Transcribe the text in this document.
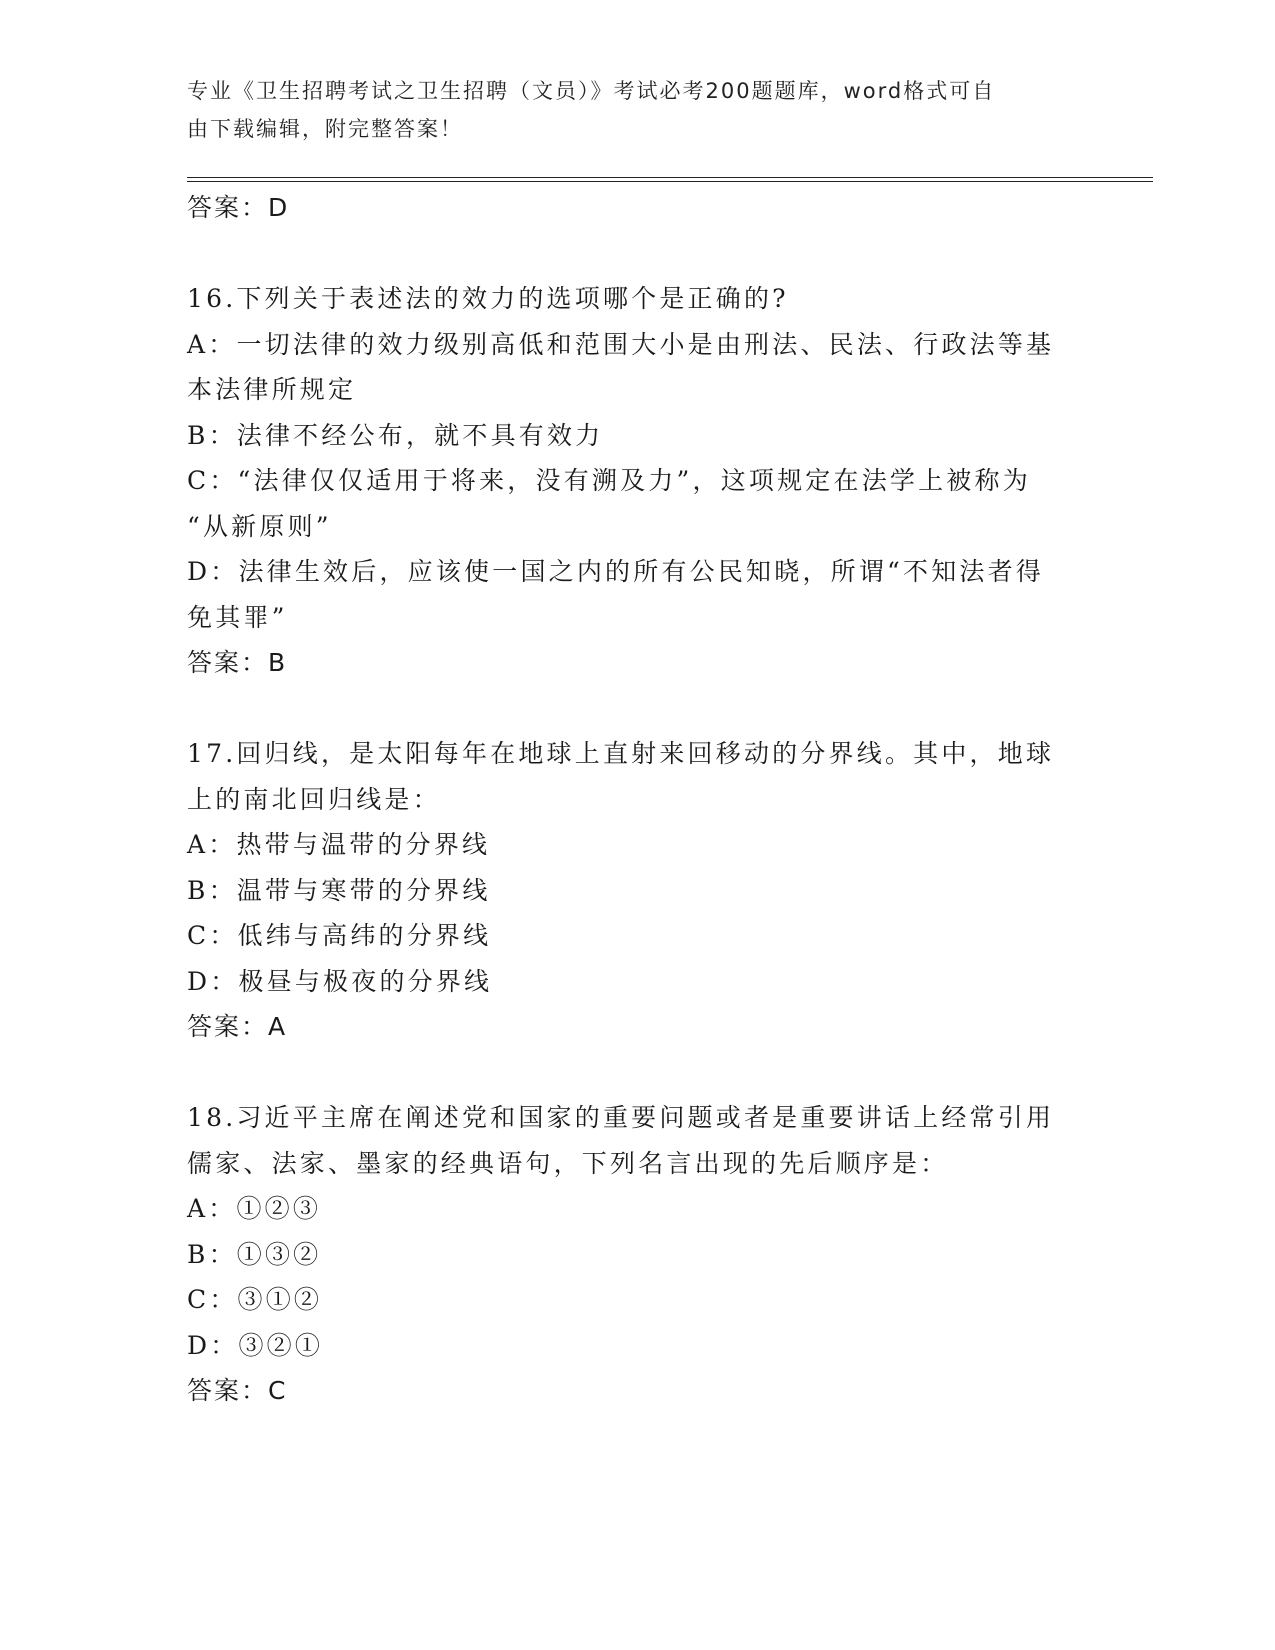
专业《卫生招聘考试之卫生招聘（文员）》考试必考200题题库，word格式可自
由下载编辑，附完整答案！
答案：D
16.下列关于表述法的效力的选项哪个是正确的?
A：一切法律的效力级别高低和范围大小是由刑法、民法、行政法等基
本法律所规定
B：法律不经公布，就不具有效力
C：“法律仅仅适用于将来，没有溯及力”，这项规定在法学上被称为
“从新原则”
D：法律生效后，应该使一国之内的所有公民知晓，所谓“不知法者得
免其罪”
答案：B
17.回归线，是太阳每年在地球上直射来回移动的分界线。其中，地球
上的南北回归线是：
A：热带与温带的分界线
B：温带与寒带的分界线
C：低纬与高纬的分界线
D：极昼与极夜的分界线
答案：A
18.习近平主席在阐述党和国家的重要问题或者是重要讲话上经常引用
儒家、法家、墨家的经典语句，下列名言出现的先后顺序是：
A：①②③
B：①③②
C：③①②
D：③②①
答案：C
